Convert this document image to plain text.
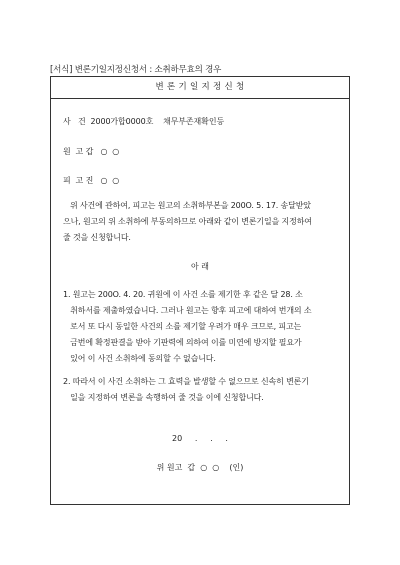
[서식] 변론기일지정신청서 : 소취하무효의 경우
변 론 기 일 지 정 신 청
사   건  2000가합0000호    채무부존재확인등
원  고 갑   ○  ○
피  고 진   ○  ○
위 사건에 관하여, 피고는 원고의 소취하부본을 200O. 5. 17. 송달받았
으나, 원고의 위 소취하에 부동의하므로 아래와 같이 변론기일을 지정하여
줄 것을 신청합니다.
아 래
1. 원고는 200O. 4. 20. 귀원에 이 사건 소를 제기한 후 같은 달 28. 소
취하서를 제출하였습니다. 그러나 원고는 향후 피고에 대하여 번개의 소
로서 또 다시 동일한 사건의 소를 제기할 우려가 매우 크므로, 피고는
금번에 확정판결을 받아 기판력에 의하여 이를 미연에 방지할 필요가
있어 이 사건 소취하에 동의할 수 없습니다.
2. 따라서 이 사건 소취하는 그 효력을 발생할 수 없으므로 신속히 변론기
일을 지정하여 변론을 속행하여 줄 것을 이에 신청합니다.
20     .     .     .
위 원고  갑  ○  ○    (인)
